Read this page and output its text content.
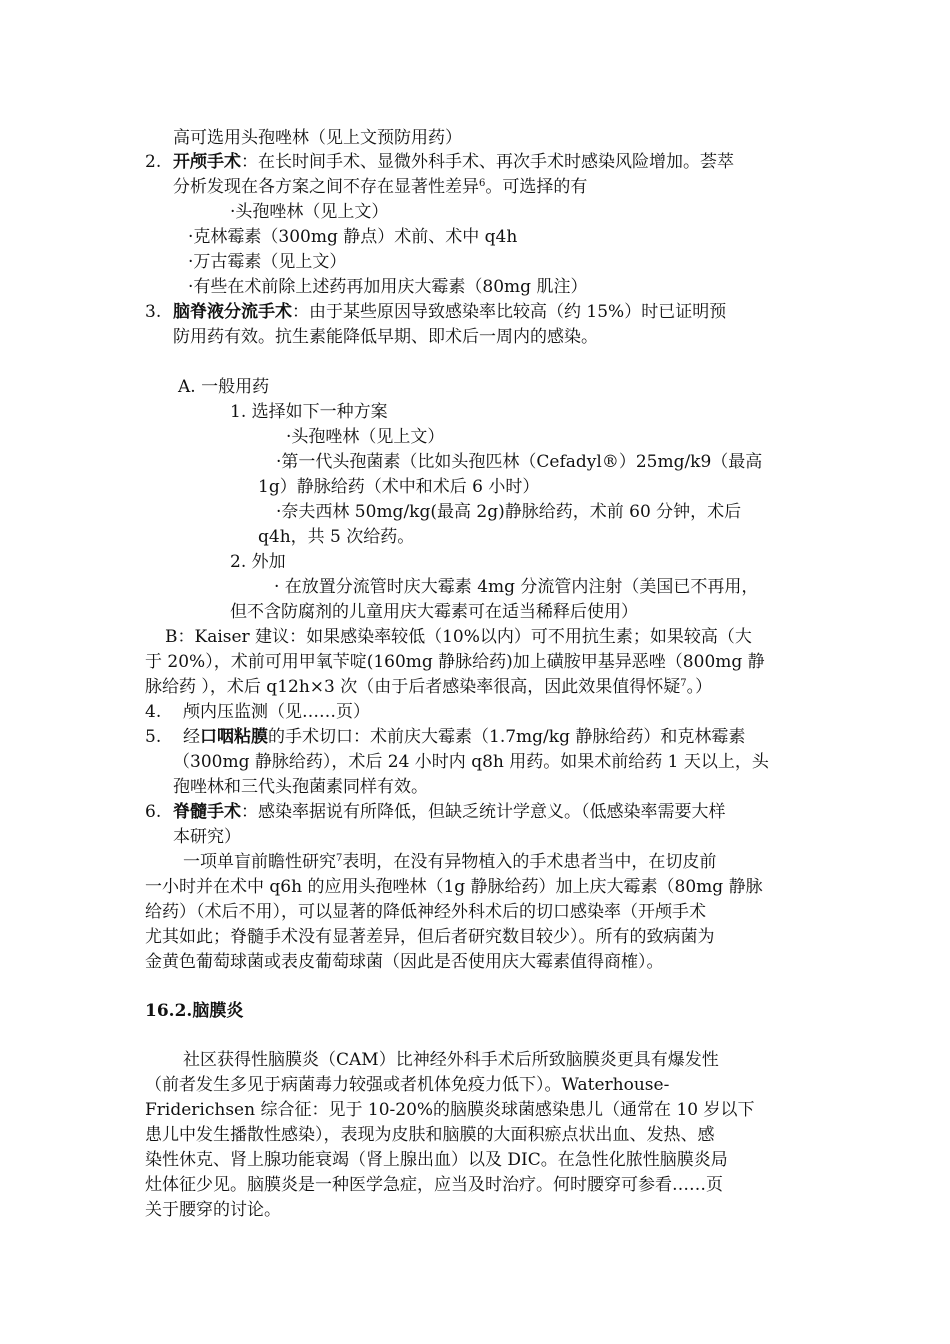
高可选用头孢唑林（见上文预防用药）
2. 开颅手术：在长时间手术、显微外科手术、再次手术时感染风险增加。荟萃
分析发现在各方案之间不存在显著性差异$^6$。可选择的有
·头孢唑林（见上文）
·克林霉素（300mg 静点）术前、术中 q4h
·万古霉素（见上文）
·有些在术前除上述药再加用庆大霉素（80mg 肌注）
3. 脑脊液分流手术：由于某些原因导致感染率比较高（约 15%）时已证明预
防用药有效。抗生素能降低早期、即术后一周内的感染。
A. 一般用药
1. 选择如下一种方案
·头孢唑林（见上文）
·第一代头孢菌素（比如头孢匹林（Cefadyl®）25mg/k9（最高
1g）静脉给药（术中和术后 6 小时）
·奈夫西林 50mg/kg(最高 2g)静脉给药，术前 60 分钟，术后
q4h，共 5 次给药。
2. 外加
· 在放置分流管时庆大霉素 4mg 分流管内注射（美国已不再用，
但不含防腐剂的儿童用庆大霉素可在适当稀释后使用）
B：Kaiser 建议：如果感染率较低（10%以内）可不用抗生素；如果较高（大
于 20%），术前可用甲氧苄啶(160mg 静脉给药)加上磺胺甲基异恶唑（800mg 静
脉给药 ），术后 q12h×3 次（由于后者感染率很高，因此效果值得怀疑$^7$。）
4. 颅内压监测（见……页）
5. 经口咽粘膜的手术切口：术前庆大霉素（1.7mg/kg 静脉给药）和克林霉素
（300mg 静脉给药），术后 24 小时内 q8h 用药。如果术前给药 1 天以上，头
孢唑林和三代头孢菌素同样有效。
6. 脊髓手术：感染率据说有所降低，但缺乏统计学意义。（低感染率需要大样
本研究）
一项单盲前瞻性研究$^7$表明，在没有异物植入的手术患者当中，在切皮前
一小时并在术中 q6h 的应用头孢唑林（1g 静脉给药）加上庆大霉素（80mg 静脉
给药）（术后不用），可以显著的降低神经外科术后的切口感染率（开颅手术
尤其如此；脊髓手术没有显著差异，但后者研究数目较少）。所有的致病菌为
金黄色葡萄球菌或表皮葡萄球菌（因此是否使用庆大霉素值得商榷）。
16.2.脑膜炎
社区获得性脑膜炎（CAM）比神经外科手术后所致脑膜炎更具有爆发性
（前者发生多见于病菌毒力较强或者机体免疫力低下）。Waterhouse-
Friderichsen 综合征：见于 10-20%的脑膜炎球菌感染患儿（通常在 10 岁以下
患儿中发生播散性感染），表现为皮肤和脑膜的大面积瘀点状出血、发热、感
染性休克、肾上腺功能衰竭（肾上腺出血）以及 DIC。在急性化脓性脑膜炎局
灶体征少见。脑膜炎是一种医学急症，应当及时治疗。何时腰穿可参看……页
关于腰穿的讨论。
